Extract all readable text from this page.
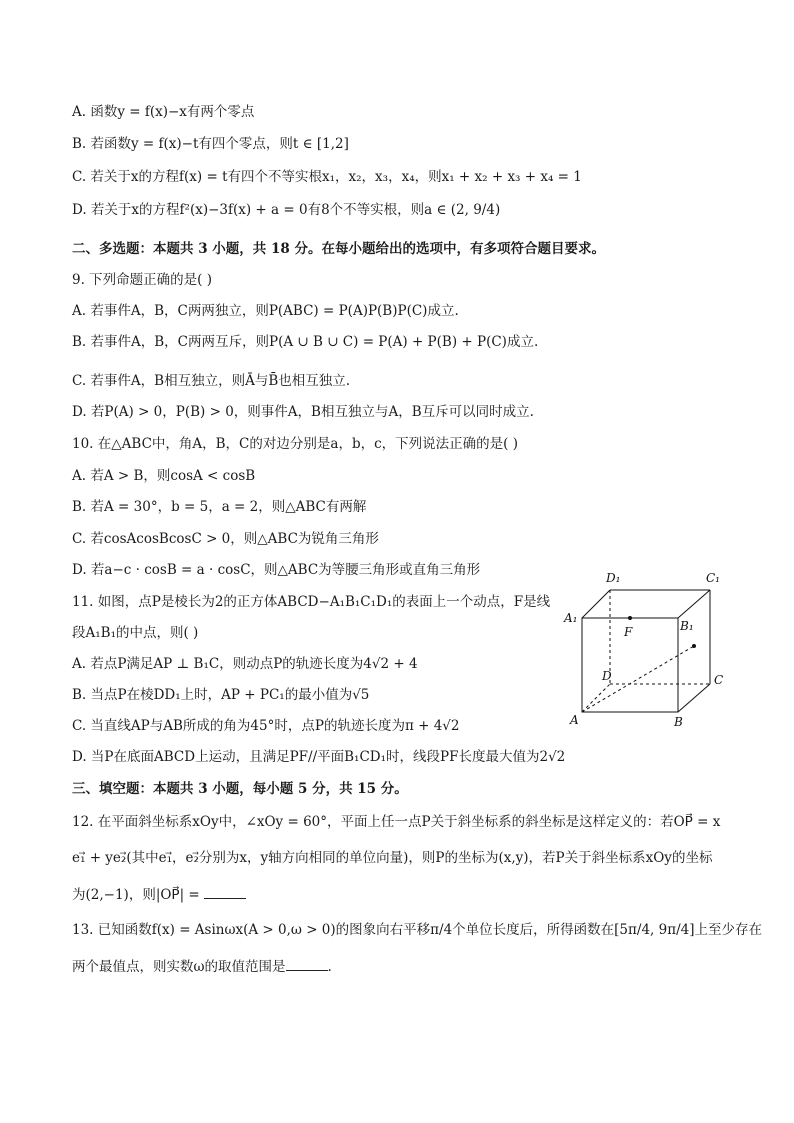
A. 函数y = f(x)−x有两个零点
B. 若函数y = f(x)−t有四个零点，则t ∈ [1,2]
C. 若关于x的方程f(x) = t有四个不等实根x₁，x₂，x₃，x₄，则x₁ + x₂ + x₃ + x₄ = 1
D. 若关于x的方程f²(x)−3f(x) + a = 0有8个不等实根，则a ∈ (2, 9/4)
二、多选题：本题共 3 小题，共 18 分。在每小题给出的选项中，有多项符合题目要求。
9. 下列命题正确的是( )
A. 若事件A，B，C两两独立，则P(ABC) = P(A)P(B)P(C)成立.
B. 若事件A，B，C两两互斥，则P(A ∪ B ∪ C) = P(A) + P(B) + P(C)成立.
C. 若事件A，B相互独立，则Ā与B̄也相互独立.
D. 若P(A) > 0，P(B) > 0，则事件A，B相互独立与A，B互斥可以同时成立.
10. 在△ABC中，角A，B，C的对边分别是a，b，c，下列说法正确的是( )
A. 若A > B，则cosA < cosB
B. 若A = 30°，b = 5，a = 2，则△ABC有两解
C. 若cosAcosBcosC > 0，则△ABC为锐角三角形
D. 若a−c · cosB = a · cosC，则△ABC为等腰三角形或直角三角形
11. 如图，点P是棱长为2的正方体ABCD−A₁B₁C₁D₁的表面上一个动点，F是线
段A₁B₁的中点，则( )
A. 若点P满足AP ⊥ B₁C，则动点P的轨迹长度为4√2 + 4
B. 当点P在棱DD₁上时，AP + PC₁的最小值为√5
C. 当直线AP与AB所成的角为45°时，点P的轨迹长度为π + 4√2
D. 当P在底面ABCD上运动，且满足PF//平面B₁CD₁时，线段PF长度最大值为2√2
三、填空题：本题共 3 小题，每小题 5 分，共 15 分。
12. 在平面斜坐标系xOy中，∠xOy = 60°，平面上任一点P关于斜坐标系的斜坐标是这样定义的：若OP⃗ = x
e₁⃗ + ye₂⃗(其中e₁⃗，e₂⃗分别为x，y轴方向相同的单位向量)，则P的坐标为(x,y)，若P关于斜坐标系xOy的坐标
为(2,−1)，则|OP⃗| =
13. 已知函数f(x) = Asinωx(A > 0,ω > 0)的图象向右平移π/4个单位长度后，所得函数在[5π/4, 9π/4]上至少存在
两个最值点，则实数ω的取值范围是	.
D₁	C₁
A₁
F	B₁
D	C
A	B
